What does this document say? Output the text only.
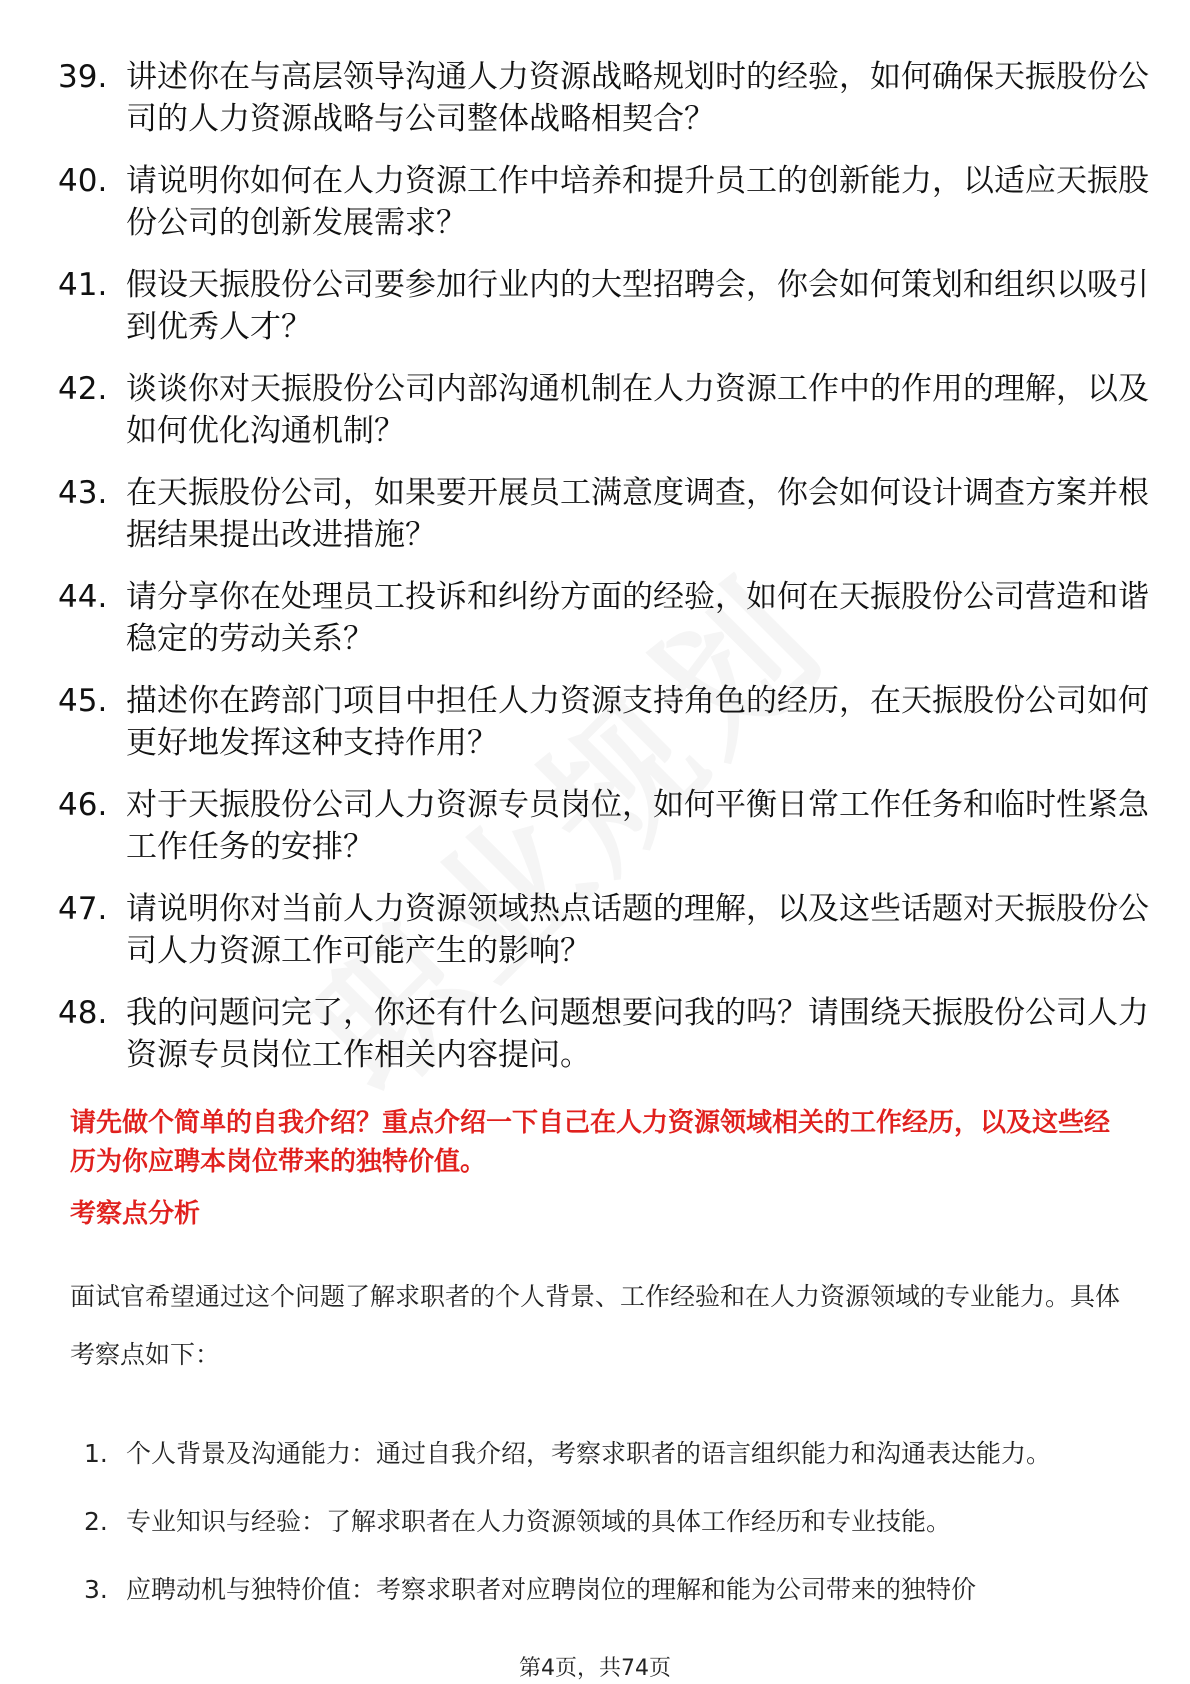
39. 讲述你在与高层领导沟通人力资源战略规划时的经验，如何确保天振股份公司的人力资源战略与公司整体战略相契合？
40. 请说明你如何在人力资源工作中培养和提升员工的创新能力，以适应天振股份公司的创新发展需求？
41. 假设天振股份公司要参加行业内的大型招聘会，你会如何策划和组织以吸引到优秀人才？
42. 谈谈你对天振股份公司内部沟通机制在人力资源工作中的作用的理解，以及如何优化沟通机制？
43. 在天振股份公司，如果要开展员工满意度调查，你会如何设计调查方案并根据结果提出改进措施？
44. 请分享你在处理员工投诉和纠纷方面的经验，如何在天振股份公司营造和谐稳定的劳动关系？
45. 描述你在跨部门项目中担任人力资源支持角色的经历，在天振股份公司如何更好地发挥这种支持作用？
46. 对于天振股份公司人力资源专员岗位，如何平衡日常工作任务和临时性紧急工作任务的安排？
47. 请说明你对当前人力资源领域热点话题的理解，以及这些话题对天振股份公司人力资源工作可能产生的影响？
48. 我的问题问完了，你还有什么问题想要问我的吗？请围绕天振股份公司人力资源专员岗位工作相关内容提问。
请先做个简单的自我介绍？重点介绍一下自己在人力资源领域相关的工作经历，以及这些经历为你应聘本岗位带来的独特价值。
考察点分析
面试官希望通过这个问题了解求职者的个人背景、工作经验和在人力资源领域的专业能力。具体考察点如下：
1. 个人背景及沟通能力：通过自我介绍，考察求职者的语言组织能力和沟通表达能力。
2. 专业知识与经验：了解求职者在人力资源领域的具体工作经历和专业技能。
3. 应聘动机与独特价值：考察求职者对应聘岗位的理解和能为公司带来的独特价
第4页，共74页
